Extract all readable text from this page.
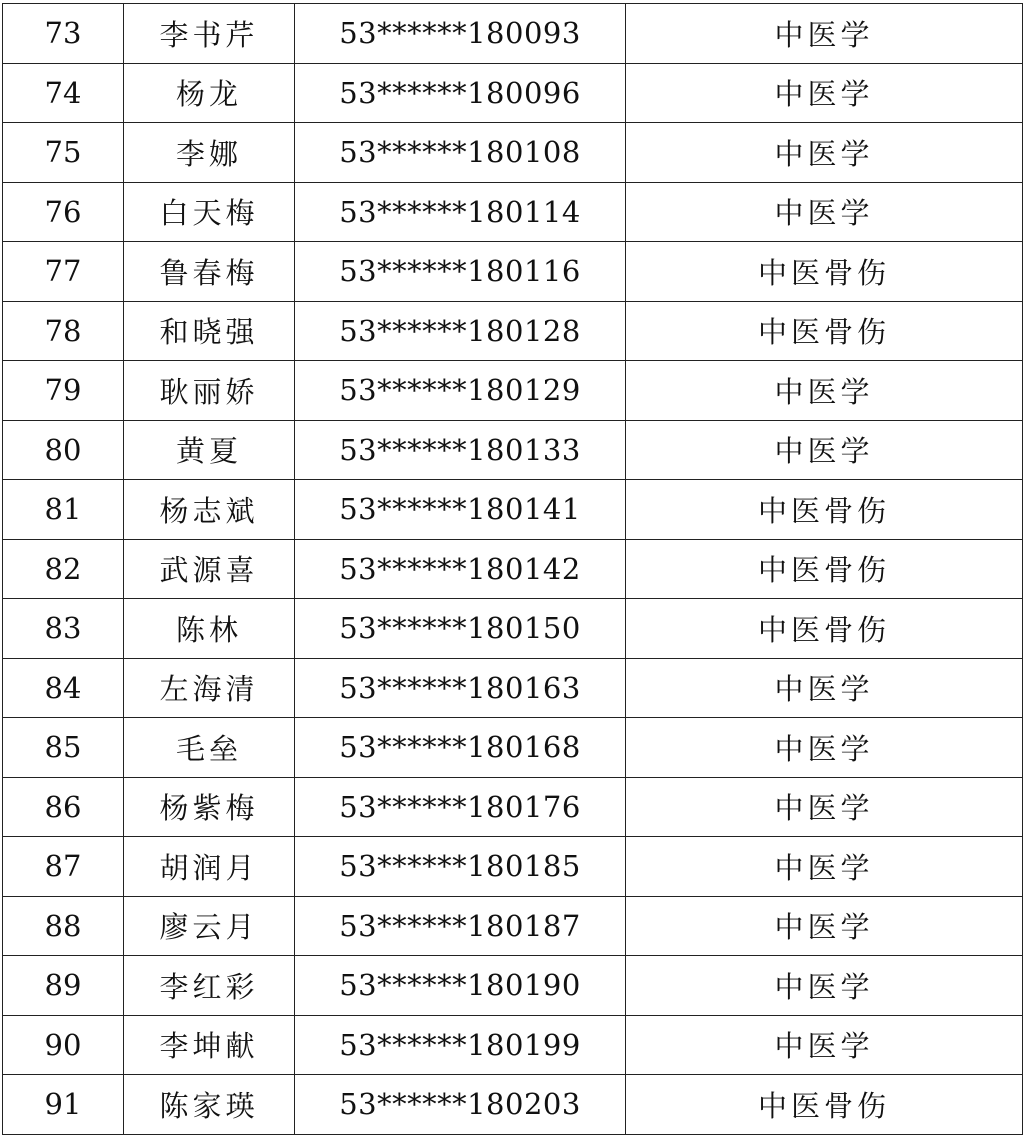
73	李书芹	53******180093	中医学
74	杨龙	53******180096	中医学
75	李娜	53******180108	中医学
76	白天梅	53******180114	中医学
77	鲁春梅	53******180116	中医骨伤
78	和晓强	53******180128	中医骨伤
79	耿丽娇	53******180129	中医学
80	黄夏	53******180133	中医学
81	杨志斌	53******180141	中医骨伤
82	武源喜	53******180142	中医骨伤
83	陈林	53******180150	中医骨伤
84	左海清	53******180163	中医学
85	毛垒	53******180168	中医学
86	杨紫梅	53******180176	中医学
87	胡润月	53******180185	中医学
88	廖云月	53******180187	中医学
89	李红彩	53******180190	中医学
90	李坤献	53******180199	中医学
91	陈家瑛	53******180203	中医骨伤
